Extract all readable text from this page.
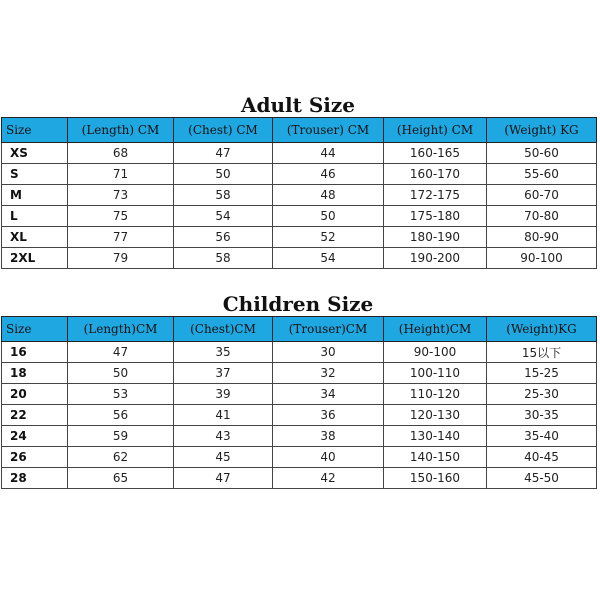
Adult Size
Size	(Length) CM	(Chest) CM	(Trouser) CM	(Height) CM	(Weight) KG
XS	68	47	44	160-165	50-60
S	71	50	46	160-170	55-60
M	73	58	48	172-175	60-70
L	75	54	50	175-180	70-80
XL	77	56	52	180-190	80-90
2XL	79	58	54	190-200	90-100
Children Size
Size	(Length)CM	(Chest)CM	(Trouser)CM	(Height)CM	(Weight)KG
16	47	35	30	90-100	15以下
18	50	37	32	100-110	15-25
20	53	39	34	110-120	25-30
22	56	41	36	120-130	30-35
24	59	43	38	130-140	35-40
26	62	45	40	140-150	40-45
28	65	47	42	150-160	45-50
